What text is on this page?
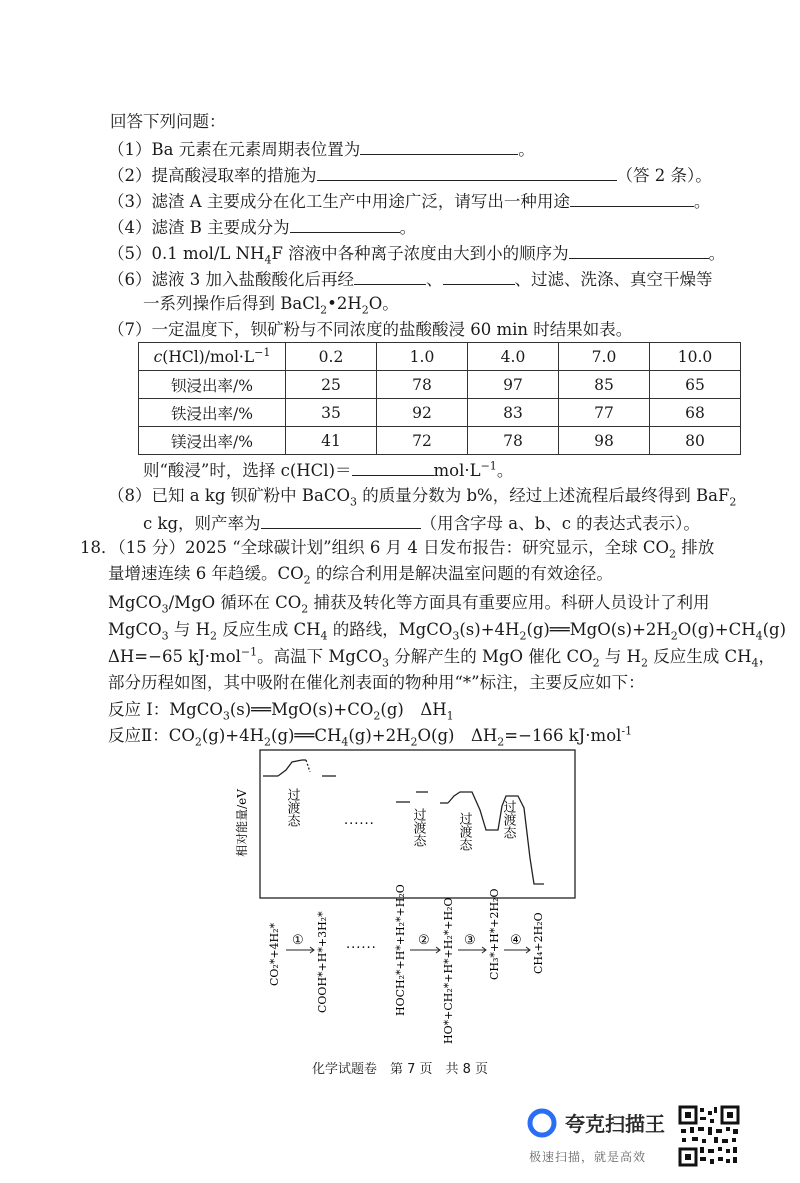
回答下列问题：
（1）Ba 元素在元素周期表位置为	。
（2）提高酸浸取率的措施为	（答 2 条）。
（3）滤渣 A 主要成分在化工生产中用途广泛，请写出一种用途	。
（4）滤渣 B 主要成分为	。
（5）0.1 mol/L $NH_4F$ 溶液中各种离子浓度由大到小的顺序为	。
（6）滤液 3 加入盐酸酸化后再经	、	、过滤、洗涤、真空干燥等
一系列操作后得到 $BaCl_2•2H_2O$。
（7）一定温度下，钡矿粉与不同浓度的盐酸酸浸 60 min 时结果如表。
$c(HCl)/mol\cdot L^{-1}$	0.2	1.0	4.0	7.0	10.0
钡浸出率/%	25	78	97	85	65
铁浸出率/%	35	92	83	77	68
镁浸出率/%	41	72	78	98	80
则“酸浸”时，选择 c(HCl)＝	$mol\cdot L^{-1}$。
（8）已知 a kg 钡矿粉中 BaCO$_3$ 的质量分数为 b%，经过上述流程后最终得到 BaF$_2$
c kg，则产率为	（用含字母 a、b、c 的表达式表示）。
18．（15 分）2025 “全球碳计划”组织 6 月 4 日发布报告：研究显示，全球 $CO_2$ 排放
量增速连续 6 年趋缓。$CO_2$ 的综合利用是解决温室问题的有效途径。
MgCO$_3$/MgO 循环在 $CO_2$ 捕获及转化等方面具有重要应用。科研人员设计了利用
MgCO$_3$ 与 $H_2$ 反应生成 $CH_4$ 的路线，$MgCO_3(s)+4H_2(g)══MgO(s)+2H_2O(g)+CH_4(g)$
ΔH=−65 kJ·mol$^{-1}$。高温下 MgCO$_3$ 分解产生的 MgO 催化 $CO_2$ 与 $H_2$ 反应生成 $CH_4$，
部分历程如图，其中吸附在催化剂表面的物种用“*”标注，主要反应如下：
反应 I：$MgCO_3(s)══MgO(s)+CO_2(g)$　$\Delta H_1$
反应Ⅱ：$CO_2(g)+4H_2(g)══CH_4(g)+2H_2O(g)$　$\Delta H_2=-166$ kJ·mol$^{-1}$
相对能量/eV	过渡态	......	过渡态 过渡态 过渡态
CO₂*+4H₂*	COOH*+H*+3H₂*	HOCH₂*+H*+H₂*+H₂O	HO*+CH₂*+H*+H₂*+H₂O	CH₃*+H*+2H₂O	CH₄+2H₂O
①	②	③	④
......
化学试题卷　第 7 页　共 8 页
夸克扫描王
极速扫描，就是高效
